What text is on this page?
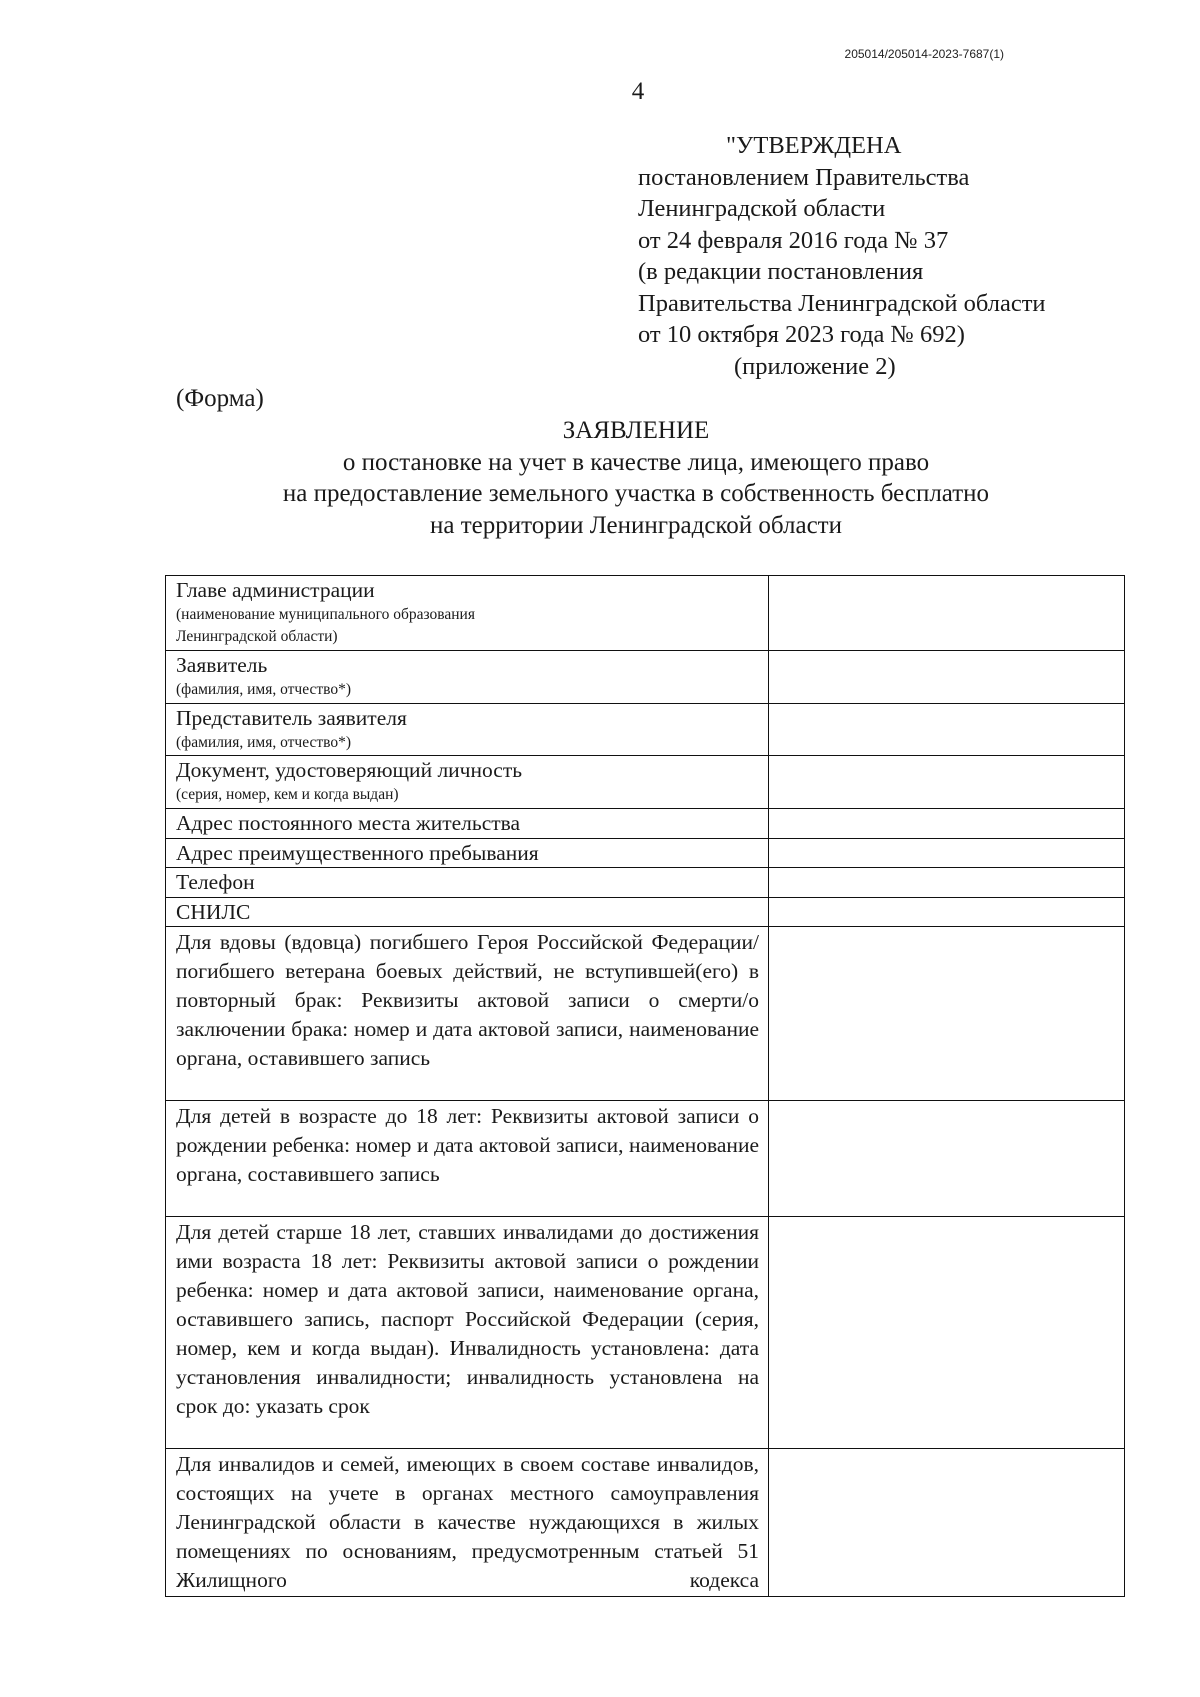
205014/205014-2023-7687(1)
4
"УТВЕРЖДЕНА
постановлением Правительства
Ленинградской области
от 24 февраля 2016 года № 37
(в редакции постановления
Правительства Ленинградской области
от 10 октября 2023 года № 692)
(приложение 2)
(Форма)
ЗАЯВЛЕНИЕ
о постановке на учет в качестве лица, имеющего право
на предоставление земельного участка в собственность бесплатно
на территории Ленинградской области
Главе администрации
(наименование муниципального образования
Ленинградской области)	

Заявитель
(фамилия, имя, отчество*)	

Представитель заявителя
(фамилия, имя, отчество*)	

Документ, удостоверяющий личность
(серия, номер, кем и когда выдан)	

Адрес постоянного места жительства	

Адрес преимущественного пребывания	

Телефон	

СНИЛС	

Для вдовы (вдовца) погибшего Героя Российской Федерации/погибшего ветерана боевых действий, не вступившей(его) в повторный брак: Реквизиты актовой записи о смерти/о заключении брака: номер и дата актовой записи, наименование органа, оставившего запись	

Для детей в возрасте до 18 лет: Реквизиты актовой записи о рождении ребенка: номер и дата актовой записи, наименование органа, составившего запись	

Для детей старше 18 лет, ставших инвалидами до достижения ими возраста 18 лет: Реквизиты актовой записи о рождении ребенка: номер и дата актовой записи, наименование органа, оставившего запись, паспорт Российской Федерации (серия, номер, кем и когда выдан). Инвалидность установлена: дата установления инвалидности; инвалидность установлена на срок до: указать срок	

Для инвалидов и семей, имеющих в своем составе инвалидов, состоящих на учете в органах местного самоуправления Ленинградской области в качестве нуждающихся в жилых помещениях по основаниям, предусмотренным статьей 51 Жилищного кодекса	
